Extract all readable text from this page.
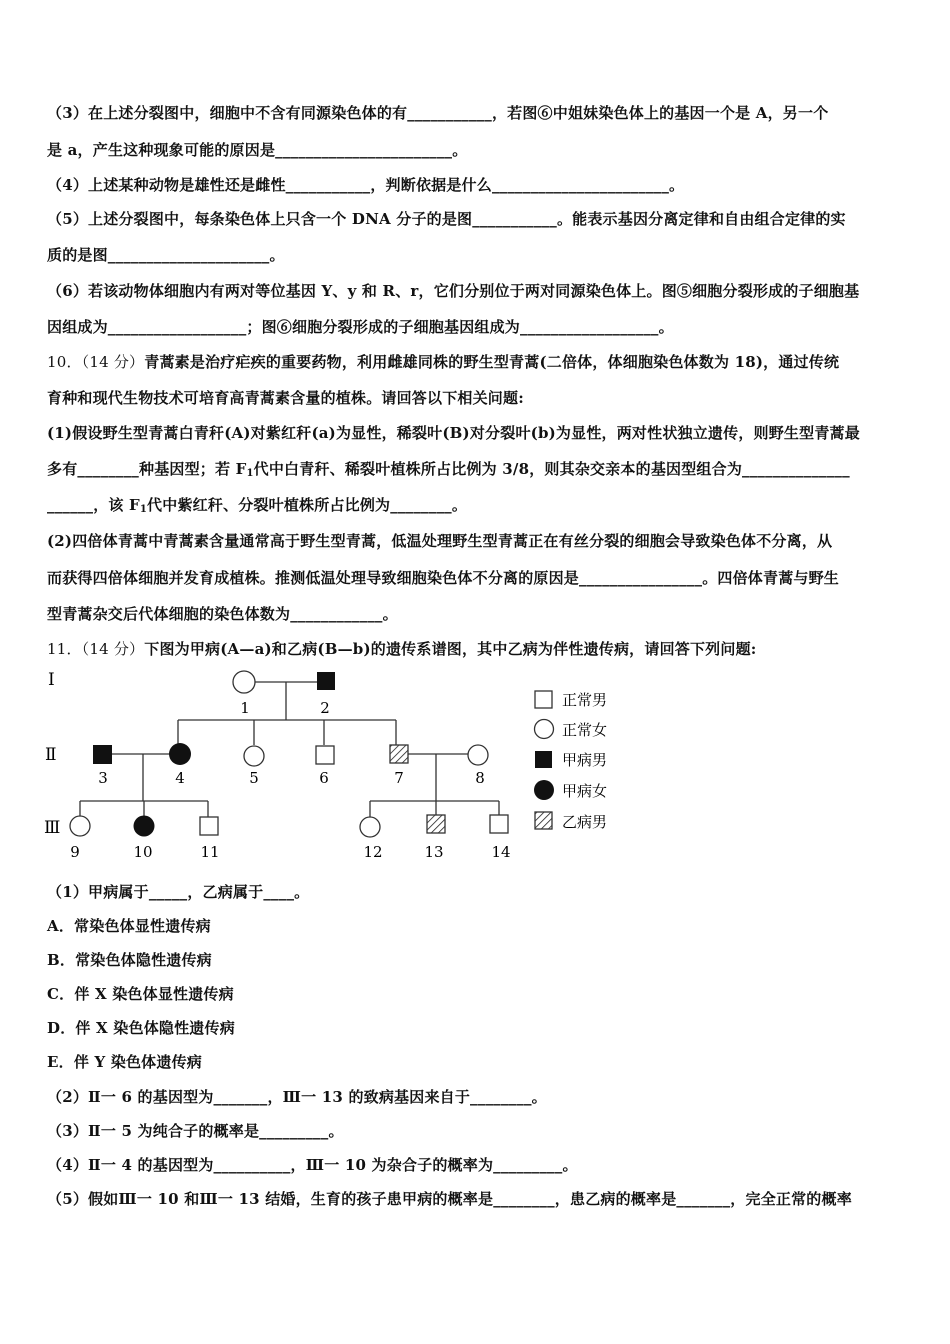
（3）在上述分裂图中，细胞中不含有同源染色体的有___________，若图⑥中姐妹染色体上的基因一个是 A，另一个
是 a，产生这种现象可能的原因是_______________________。
（4）上述某种动物是雄性还是雌性___________，判断依据是什么_______________________。
（5）上述分裂图中，每条染色体上只含一个 DNA 分子的是图___________。能表示基因分离定律和自由组合定律的实
质的是图_____________________。
（6）若该动物体细胞内有两对等位基因 Y、y 和 R、r，它们分别位于两对同源染色体上。图⑤细胞分裂形成的子细胞基
因组成为__________________；图⑥细胞分裂形成的子细胞基因组成为__________________。
10．（14 分）青蒿素是治疗疟疾的重要药物，利用雌雄同株的野生型青蒿(二倍体，体细胞染色体数为 18)，通过传统
育种和现代生物技术可培育高青蒿素含量的植株。请回答以下相关问题:
(1)假设野生型青蒿白青秆(A)对紫红秆(a)为显性，稀裂叶(B)对分裂叶(b)为显性，两对性状独立遗传，则野生型青蒿最
多有________种基因型；若 $F_1$代中白青秆、稀裂叶植株所占比例为 3/8，则其杂交亲本的基因型组合为______________
______，该 $F_1$代中紫红秆、分裂叶植株所占比例为________。
(2)四倍体青蒿中青蒿素含量通常高于野生型青蒿，低温处理野生型青蒿正在有丝分裂的细胞会导致染色体不分离，从
而获得四倍体细胞并发育成植株。推测低温处理导致细胞染色体不分离的原因是________________。四倍体青蒿与野生
型青蒿杂交后代体细胞的染色体数为____________。
11．（14 分）下图为甲病(A—a)和乙病(B—b)的遗传系谱图，其中乙病为伴性遗传病，请回答下列问题:
Ⅰ
Ⅱ
Ⅲ
1	2
3	4	5	6	7	8
9	10	11	12	13	14
正常男
正常女
甲病男
甲病女
乙病男
（1）甲病属于_____，乙病属于____。
A．常染色体显性遗传病
B．常染色体隐性遗传病
C．伴 X 染色体显性遗传病
D．伴 X 染色体隐性遗传病
E．伴 Y 染色体遗传病
（2）Ⅱ一 6 的基因型为_______，Ⅲ一 13 的致病基因来自于________。
（3）Ⅱ一 5 为纯合子的概率是_________。
（4）Ⅱ一 4 的基因型为__________，Ⅲ一 10 为杂合子的概率为_________。
（5）假如Ⅲ一 10 和Ⅲ一 13 结婚，生育的孩子患甲病的概率是________，患乙病的概率是_______，完全正常的概率
